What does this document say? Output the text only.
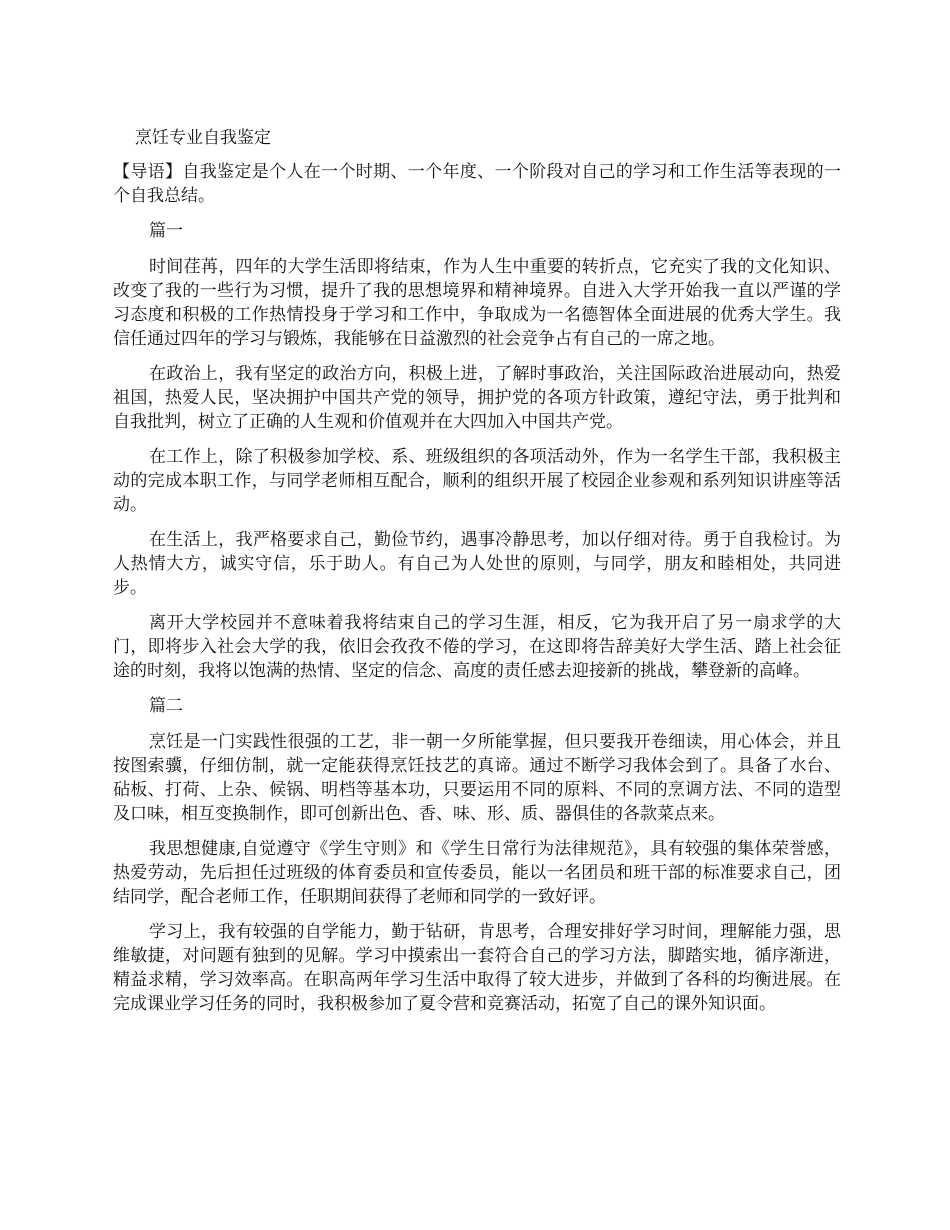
烹饪专业自我鉴定

【导语】自我鉴定是个人在一个时期、一个年度、一个阶段对自己的学习和工作生活等表现的一个自我总结。

篇一

时间荏苒，四年的大学生活即将结束，作为人生中重要的转折点，它充实了我的文化知识、改变了我的一些行为习惯，提升了我的思想境界和精神境界。自进入大学开始我一直以严谨的学习态度和积极的工作热情投身于学习和工作中，争取成为一名德智体全面进展的优秀大学生。我信任通过四年的学习与锻炼，我能够在日益激烈的社会竞争占有自己的一席之地。

在政治上，我有坚定的政治方向，积极上进，了解时事政治，关注国际政治进展动向，热爱祖国，热爱人民，坚决拥护中国共产党的领导，拥护党的各项方针政策，遵纪守法，勇于批判和自我批判，树立了正确的人生观和价值观并在大四加入中国共产党。

在工作上，除了积极参加学校、系、班级组织的各项活动外，作为一名学生干部，我积极主动的完成本职工作，与同学老师相互配合，顺利的组织开展了校园企业参观和系列知识讲座等活动。

在生活上，我严格要求自己，勤俭节约，遇事冷静思考，加以仔细对待。勇于自我检讨。为人热情大方，诚实守信，乐于助人。有自己为人处世的原则，与同学，朋友和睦相处，共同进步。

离开大学校园并不意味着我将结束自己的学习生涯，相反，它为我开启了另一扇求学的大门，即将步入社会大学的我，依旧会孜孜不倦的学习，在这即将告辞美好大学生活、踏上社会征途的时刻，我将以饱满的热情、坚定的信念、高度的责任感去迎接新的挑战，攀登新的高峰。

篇二

烹饪是一门实践性很强的工艺，非一朝一夕所能掌握，但只要我开卷细读，用心体会，并且按图索骥，仔细仿制，就一定能获得烹饪技艺的真谛。通过不断学习我体会到了。具备了水台、砧板、打荷、上杂、候锅、明档等基本功，只要运用不同的原料、不同的烹调方法、不同的造型及口味，相互变换制作，即可创新出色、香、味、形、质、器俱佳的各款菜点来。

我思想健康,自觉遵守《学生守则》和《学生日常行为法律规范》，具有较强的集体荣誉感，热爱劳动，先后担任过班级的体育委员和宣传委员，能以一名团员和班干部的标准要求自己，团结同学，配合老师工作，任职期间获得了老师和同学的一致好评。

学习上，我有较强的自学能力，勤于钻研，肯思考，合理安排好学习时间，理解能力强，思维敏捷，对问题有独到的见解。学习中摸索出一套符合自己的学习方法，脚踏实地，循序渐进，精益求精，学习效率高。在职高两年学习生活中取得了较大进步，并做到了各科的均衡进展。在完成课业学习任务的同时，我积极参加了夏令营和竞赛活动，拓宽了自己的课外知识面。
